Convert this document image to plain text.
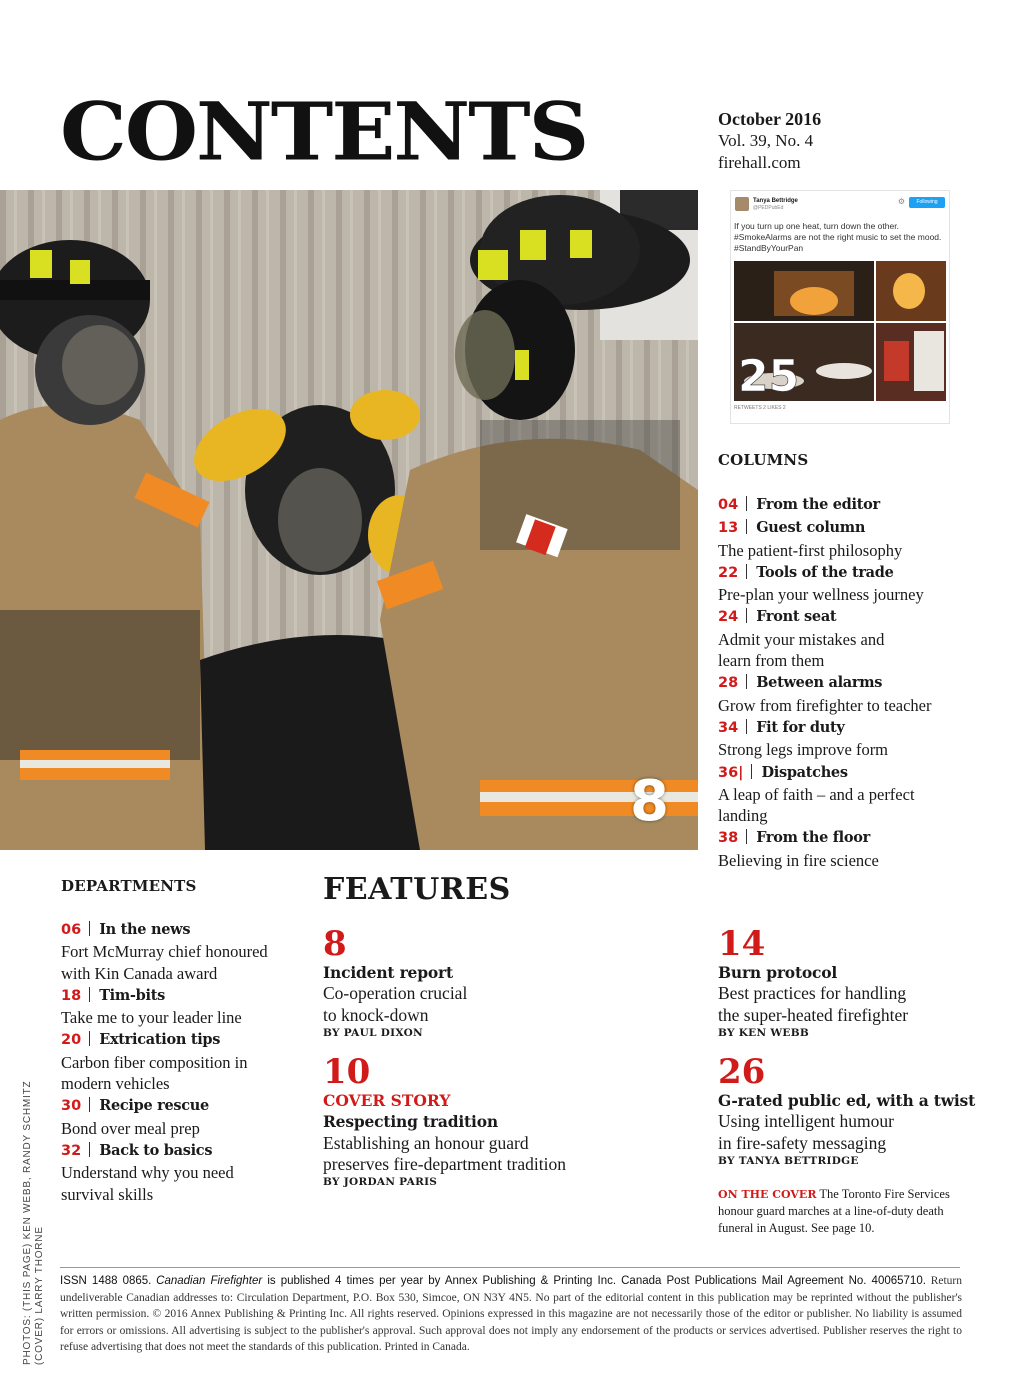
CONTENTS	October 2016
Vol. 39, No. 4
firehall.com
8
Tanya Bettridge
@PEDPubEd
⚙	Following
If you turn up one heat, turn down the other. #SmokeAlarms are not the right music to set the mood. #StandByYourPan
25
RETWEETS 2 LIKES 2
COLUMNS
04 From the editor
13 Guest column
The patient-first philosophy
22 Tools of the trade
Pre-plan your wellness journey
24 Front seat
Admit your mistakes and learn from them
28 Between alarms
Grow from firefighter to teacher
34 Fit for duty
Strong legs improve form
36| Dispatches
A leap of faith – and a perfect landing
38 From the floor
Believing in fire science
DEPARTMENTS
06 In the news
Fort McMurray chief honoured with Kin Canada award
18 Tim-bits
Take me to your leader line
20 Extrication tips
Carbon fiber composition in modern vehicles
30 Recipe rescue
Bond over meal prep
32 Back to basics
Understand why you need survival skills
FEATURES
8
Incident report
Co-operation crucial
to knock-down
BY PAUL DIXON
10
COVER STORY
Respecting tradition
Establishing an honour guard
preserves fire-department tradition
BY JORDAN PARIS
14
Burn protocol
Best practices for handling
the super-heated firefighter
BY KEN WEBB
26
G-rated public ed, with a twist
Using intelligent humour
in fire-safety messaging
BY TANYA BETTRIDGE
ON THE COVER The Toronto Fire Services honour guard marches at a line-of-duty death funeral in August. See page 10.
PHOTOS: (THIS PAGE) KEN WEBB, RANDY SCHMITZ (COVER) LARRY THORNE ISSN 1488 0865. Canadian Firefighter is published 4 times per year by Annex Publishing & Printing Inc. Canada Post Publications Mail Agreement No. 40065710. Return undeliverable Canadian addresses to: Circulation Department, P.O. Box 530, Simcoe, ON N3Y 4N5. No part of the editorial content in this publication may be reprinted without the publisher's written permission. © 2016 Annex Publishing & Printing Inc. All rights reserved. Opinions expressed in this magazine are not necessarily those of the editor or publisher. No liability is assumed for errors or omissions. All advertising is subject to the publisher's approval. Such approval does not imply any endorsement of the products or services advertised. Publisher reserves the right to refuse advertising that does not meet the standards of this publication. Printed in Canada.
